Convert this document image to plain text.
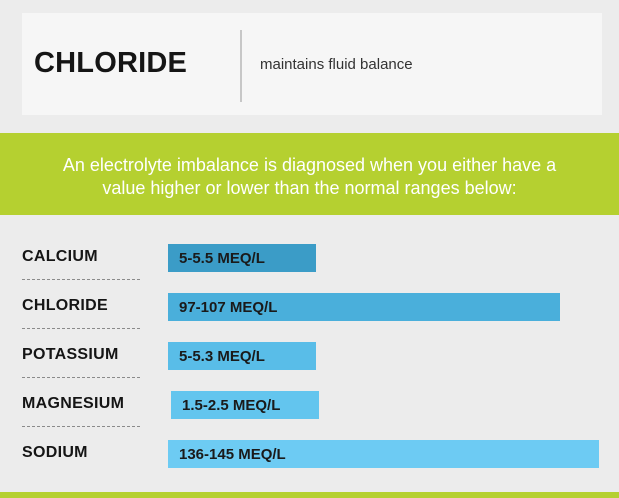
CHLORIDE	maintains fluid balance
An electrolyte imbalance is diagnosed when you either have a
value higher or lower than the normal ranges below:
CALCIUM	5-5.5 MEQ/L
CHLORIDE	97-107 MEQ/L
POTASSIUM	5-5.3 MEQ/L
MAGNESIUM	1.5-2.5 MEQ/L
SODIUM	136-145 MEQ/L
